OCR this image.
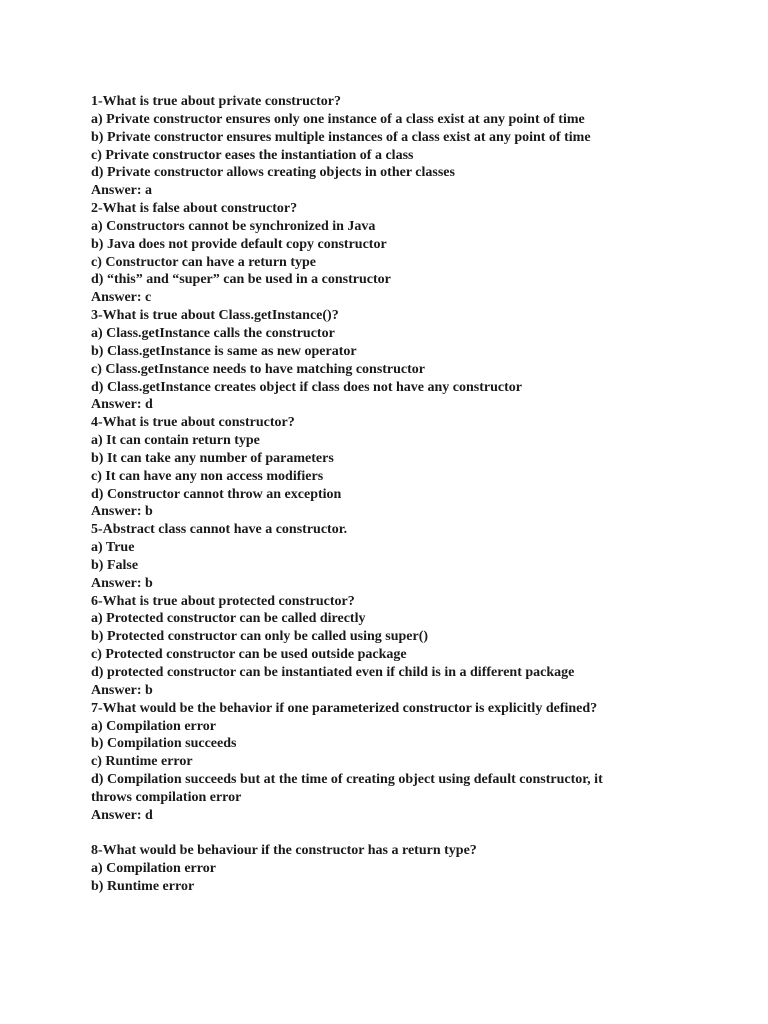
1-What is true about private constructor?
a) Private constructor ensures only one instance of a class exist at any point of time
b) Private constructor ensures multiple instances of a class exist at any point of time
c) Private constructor eases the instantiation of a class
d) Private constructor allows creating objects in other classes
Answer: a
2-What is false about constructor?
a) Constructors cannot be synchronized in Java
b) Java does not provide default copy constructor
c) Constructor can have a return type
d) “this” and “super” can be used in a constructor
Answer: c
3-What is true about Class.getInstance()?
a) Class.getInstance calls the constructor
b) Class.getInstance is same as new operator
c) Class.getInstance needs to have matching constructor
d) Class.getInstance creates object if class does not have any constructor
Answer: d
4-What is true about constructor?
a) It can contain return type
b) It can take any number of parameters
c) It can have any non access modifiers
d) Constructor cannot throw an exception
Answer: b
5-Abstract class cannot have a constructor.
a) True
b) False
Answer: b
6-What is true about protected constructor?
a) Protected constructor can be called directly
b) Protected constructor can only be called using super()
c) Protected constructor can be used outside package
d) protected constructor can be instantiated even if child is in a different package
Answer: b
7-What would be the behavior if one parameterized constructor is explicitly defined?
a) Compilation error
b) Compilation succeeds
c) Runtime error
d) Compilation succeeds but at the time of creating object using default constructor, it
throws compilation error
Answer: d
8-What would be behaviour if the constructor has a return type?
a) Compilation error
b) Runtime error
